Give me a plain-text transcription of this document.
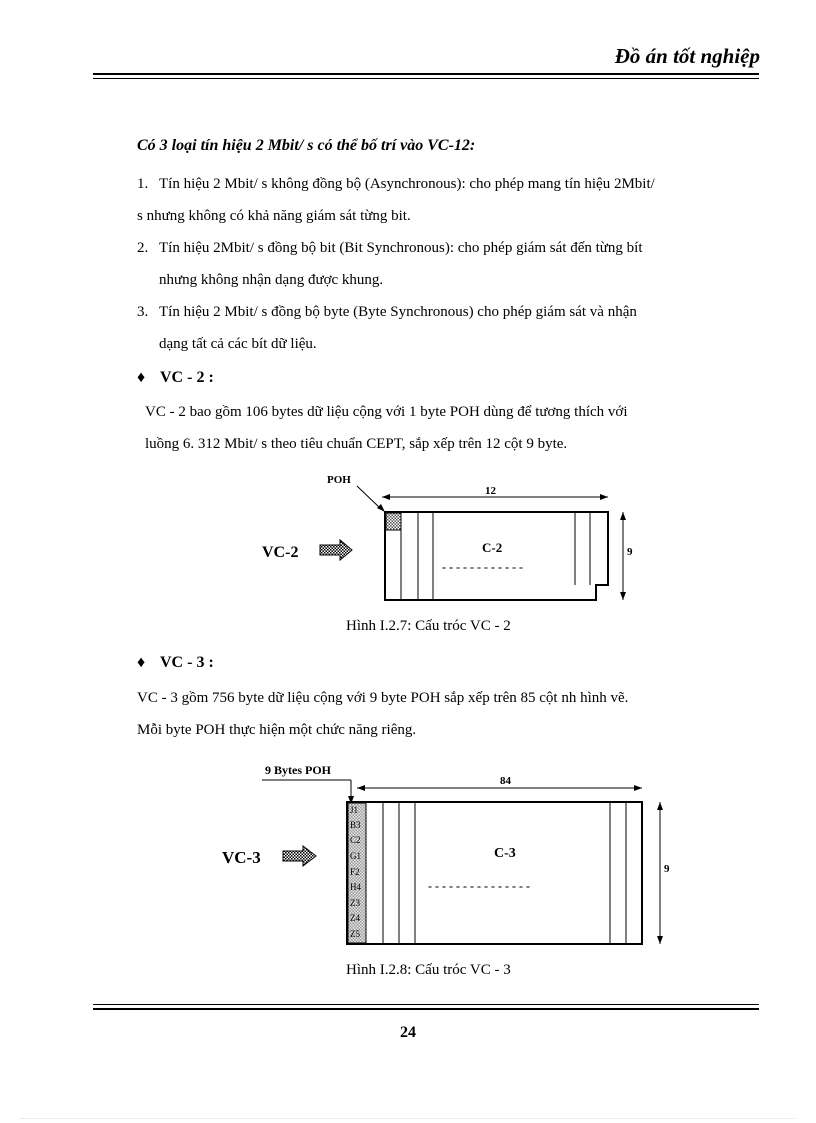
Đồ án tốt nghiệp
Có 3 loại tín hiệu 2 Mbit/ s có thể bố trí vào VC-12:
1. Tín hiệu 2 Mbit/ s không đồng bộ (Asynchronous): cho phép mang tín hiệu 2Mbit/
s nhưng không có khả năng giám sát từng bit.
2. Tín hiệu 2Mbit/ s đồng bộ bit (Bit Synchronous): cho phép giám sát đến từng bít
nhưng không nhận dạng được khung.
3. Tín hiệu 2 Mbit/ s đồng bộ byte (Byte Synchronous) cho phép giám sát và nhận
dạng tất cả các bít dữ liệu.
♦ VC - 2 :
VC - 2 bao gồm 106 bytes dữ liệu cộng với 1 byte POH dùng để tương thích với
luồng 6. 312 Mbit/ s theo tiêu chuẩn CEPT, sắp xếp trên 12 cột 9 byte.
POH
12
C-2
- - - - - - - - - - - -
VC-2	9
Hình I.2.7: Cấu tróc VC - 2
♦ VC - 3 :
VC - 3 gồm 756 byte dữ liệu cộng với 9 byte POH sắp xếp trên 85 cột nh hình vẽ.
Mỗi byte POH thực hiện một chức năng riêng.
9 Bytes POH
84
J1
B3
C2
G1
F2
H4
Z3
Z4
Z5
C-3
- - - - - - - - - - - - - - -
VC-3
9
Hình I.2.8: Cấu tróc VC - 3
24
